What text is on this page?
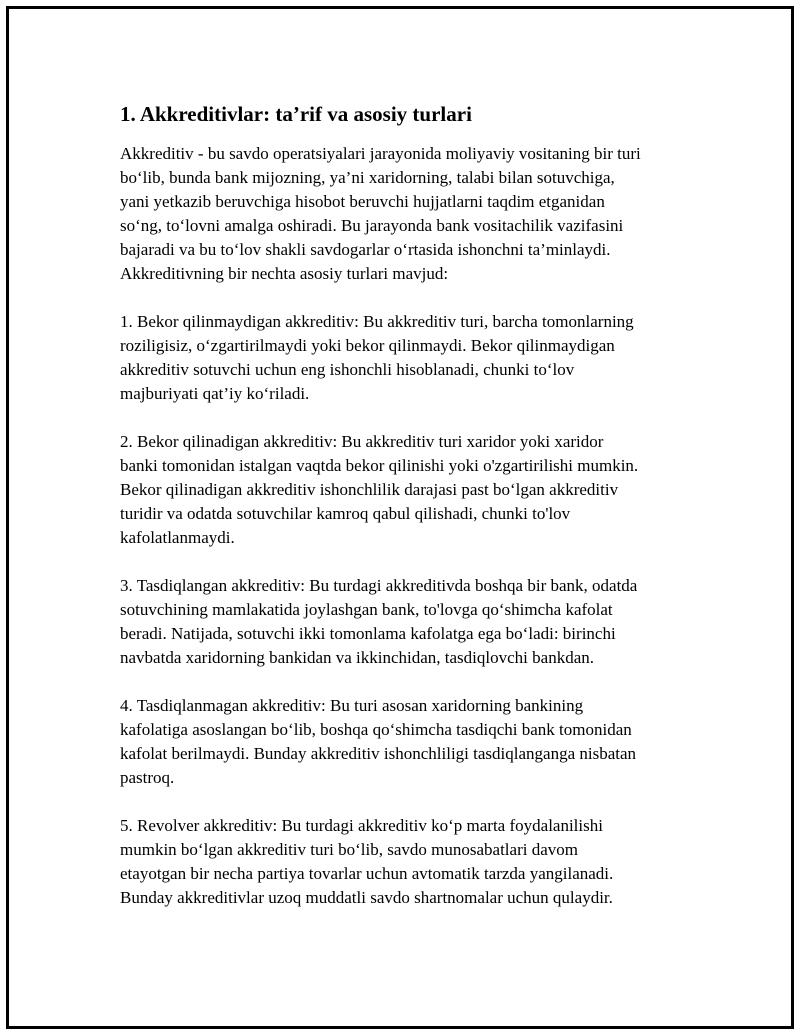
1. Akkreditivlar: ta’rif va asosiy turlari

Akkreditiv - bu savdo operatsiyalari jarayonida moliyaviy vositaning bir turi
bo‘lib, bunda bank mijozning, ya’ni xaridorning, talabi bilan sotuvchiga,
yani yetkazib beruvchiga hisobot beruvchi hujjatlarni taqdim etganidan
so‘ng, to‘lovni amalga oshiradi. Bu jarayonda bank vositachilik vazifasini
bajaradi va bu to‘lov shakli savdogarlar o‘rtasida ishonchni ta’minlaydi.
Akkreditivning bir nechta asosiy turlari mavjud:

1. Bekor qilinmaydigan akkreditiv: Bu akkreditiv turi, barcha tomonlarning
roziligisiz, o‘zgartirilmaydi yoki bekor qilinmaydi. Bekor qilinmaydigan
akkreditiv sotuvchi uchun eng ishonchli hisoblanadi, chunki to‘lov
majburiyati qat’iy ko‘riladi.

2. Bekor qilinadigan akkreditiv: Bu akkreditiv turi xaridor yoki xaridor
banki tomonidan istalgan vaqtda bekor qilinishi yoki o'zgartirilishi mumkin.
Bekor qilinadigan akkreditiv ishonchlilik darajasi past bo‘lgan akkreditiv
turidir va odatda sotuvchilar kamroq qabul qilishadi, chunki to'lov
kafolatlanmaydi.

3. Tasdiqlangan akkreditiv: Bu turdagi akkreditivda boshqa bir bank, odatda
sotuvchining mamlakatida joylashgan bank, to'lovga qo‘shimcha kafolat
beradi. Natijada, sotuvchi ikki tomonlama kafolatga ega bo‘ladi: birinchi
navbatda xaridorning bankidan va ikkinchidan, tasdiqlovchi bankdan.

4. Tasdiqlanmagan akkreditiv: Bu turi asosan xaridorning bankining
kafolatiga asoslangan bo‘lib, boshqa qo‘shimcha tasdiqchi bank tomonidan
kafolat berilmaydi. Bunday akkreditiv ishonchliligi tasdiqlanganga nisbatan
pastroq.

5. Revolver akkreditiv: Bu turdagi akkreditiv ko‘p marta foydalanilishi
mumkin bo‘lgan akkreditiv turi bo‘lib, savdo munosabatlari davom
etayotgan bir necha partiya tovarlar uchun avtomatik tarzda yangilanadi.
Bunday akkreditivlar uzoq muddatli savdo shartnomalar uchun qulaydir.
